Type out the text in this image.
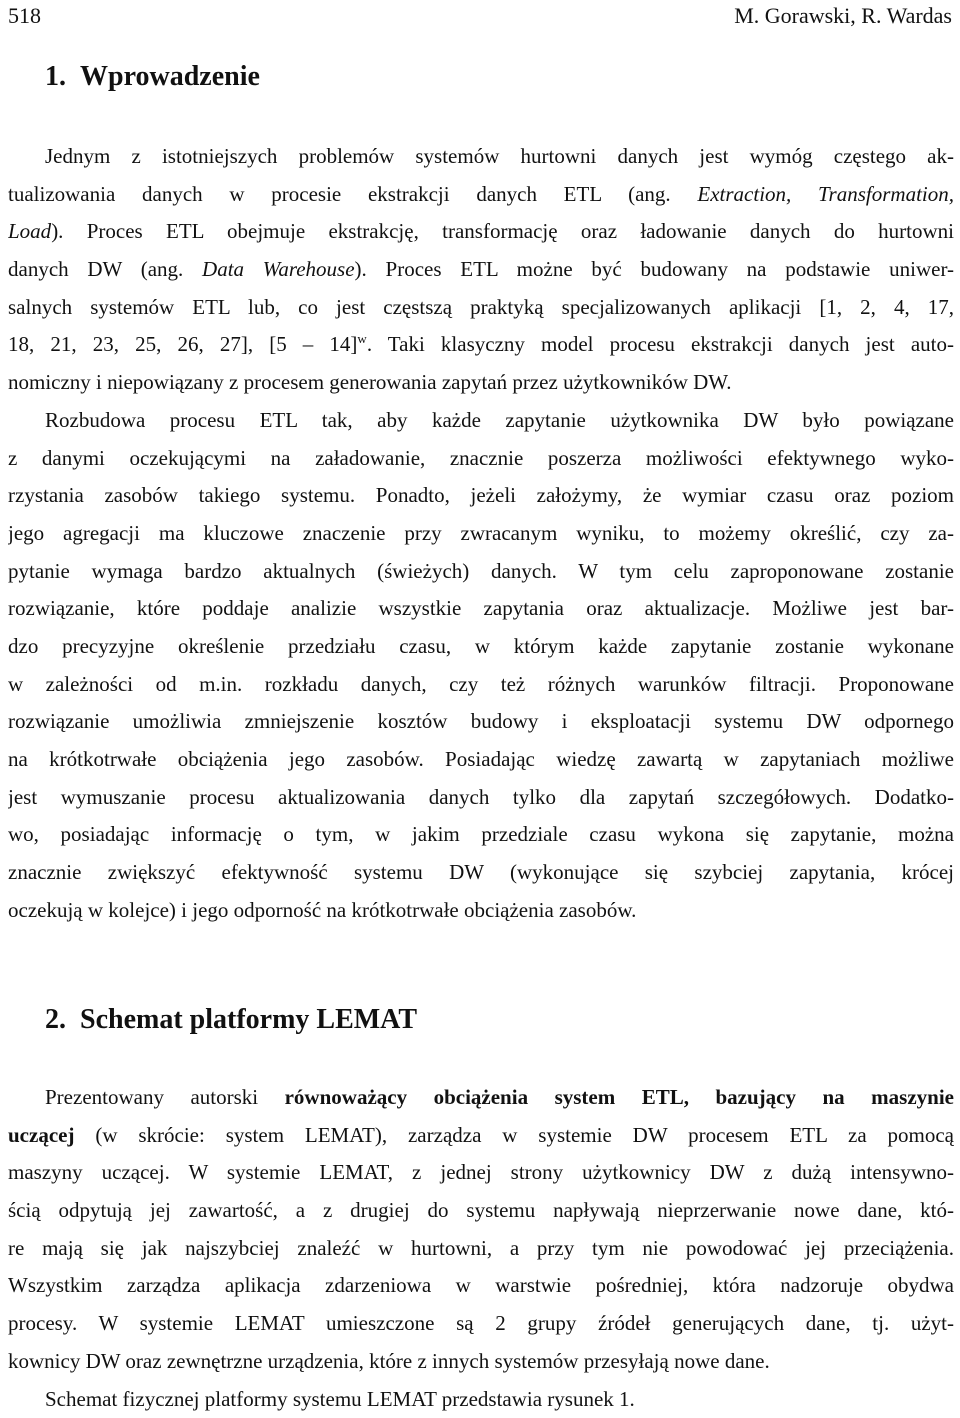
518	M. Gorawski, R. Wardas
1. Wprowadzenie
Jednym z istotniejszych problemów systemów hurtowni danych jest wymóg częstego ak-
tualizowania danych w procesie ekstrakcji danych ETL (ang. Extraction, Transformation,
Load). Proces ETL obejmuje ekstrakcję, transformację oraz ładowanie danych do hurtowni
danych DW (ang. Data Warehouse). Proces ETL możne być budowany na podstawie uniwer-
salnych systemów ETL lub, co jest częstszą praktyką specjalizowanych aplikacji [1, 2, 4, 17,
18, 21, 23, 25, 26, 27], [5 – 14]$^w$. Taki klasyczny model procesu ekstrakcji danych jest auto-
nomiczny i niepowiązany z procesem generowania zapytań przez użytkowników DW.
Rozbudowa procesu ETL tak, aby każde zapytanie użytkownika DW było powiązane
z danymi oczekującymi na załadowanie, znacznie poszerza możliwości efektywnego wyko-
rzystania zasobów takiego systemu. Ponadto, jeżeli założymy, że wymiar czasu oraz poziom
jego agregacji ma kluczowe znaczenie przy zwracanym wyniku, to możemy określić, czy za-
pytanie wymaga bardzo aktualnych (świeżych) danych. W tym celu zaproponowane zostanie
rozwiązanie, które poddaje analizie wszystkie zapytania oraz aktualizacje. Możliwe jest bar-
dzo precyzyjne określenie przedziału czasu, w którym każde zapytanie zostanie wykonane
w zależności od m.in. rozkładu danych, czy też różnych warunków filtracji. Proponowane
rozwiązanie umożliwia zmniejszenie kosztów budowy i eksploatacji systemu DW odpornego
na krótkotrwałe obciążenia jego zasobów. Posiadając wiedzę zawartą w zapytaniach możliwe
jest wymuszanie procesu aktualizowania danych tylko dla zapytań szczegółowych. Dodatko-
wo, posiadając informację o tym, w jakim przedziale czasu wykona się zapytanie, można
znacznie zwiększyć efektywność systemu DW (wykonujące się szybciej zapytania, krócej
oczekują w kolejce) i jego odporność na krótkotrwałe obciążenia zasobów.
2. Schemat platformy LEMAT
Prezentowany autorski równoważący obciążenia system ETL, bazujący na maszynie
uczącej (w skrócie: system LEMAT), zarządza w systemie DW procesem ETL za pomocą
maszyny uczącej. W systemie LEMAT, z jednej strony użytkownicy DW z dużą intensywno-
ścią odpytują jej zawartość, a z drugiej do systemu napływają nieprzerwanie nowe dane, któ-
re mają się jak najszybciej znaleźć w hurtowni, a przy tym nie powodować jej przeciążenia.
Wszystkim zarządza aplikacja zdarzeniowa w warstwie pośredniej, która nadzoruje obydwa
procesy. W systemie LEMAT umieszczone są 2 grupy źródeł generujących dane, tj. użyt-
kownicy DW oraz zewnętrzne urządzenia, które z innych systemów przesyłają nowe dane.
Schemat fizycznej platformy systemu LEMAT przedstawia rysunek 1.
